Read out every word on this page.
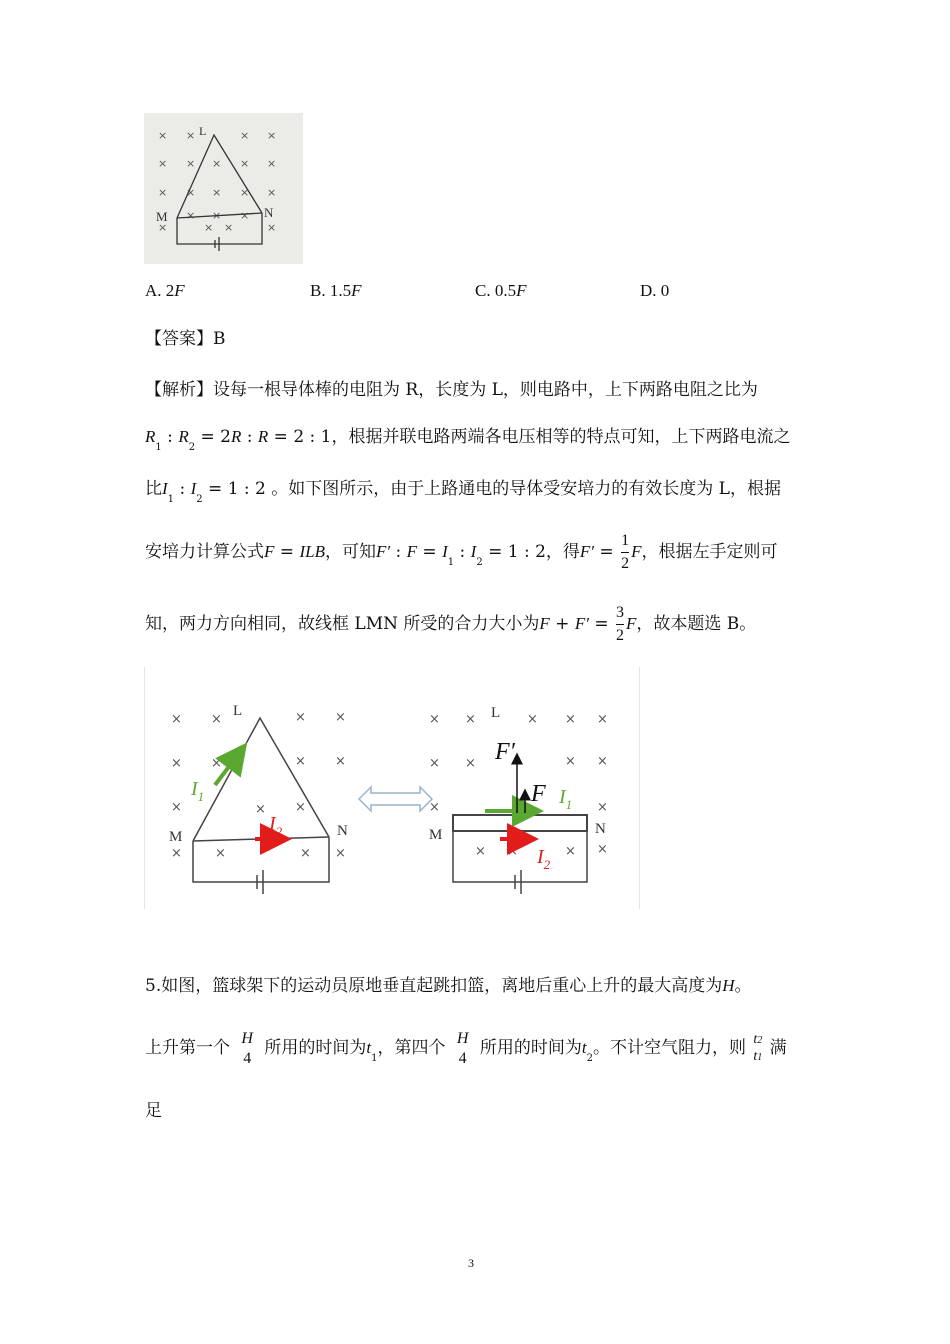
× ×	× ×
× × × × ×
× × × × ×
×	×
×	× ×	×
L
M	N
A. 2F	B. 1.5F	C. 0.5F	D. 0
【答案】B
【解析】设每一根导体棒的电阻为 R，长度为 L，则电路中，上下两路电阻之比为
$R_1$ : $R_2 = 2R$ : R = 2 : 1，根据并联电路两端各电压相等的特点可知，上下两路电流之
比$I_1$ : $I_2 = 1$ : 2 。如下图所示，由于上路通电的导体受安培力的有效长度为 L，根据
安培力计算公式F = ILB，可知F′ : $F = I_1$ : $I_2 = 1$ : 2，得$F' = \frac{1}{2}$ F，根据左手定则可
知，两力方向相同，故线框 LMN 所受的合力大小为$F + F' = \frac{3}{2}$ F，故本题选 B。
× ×	× ×
× ×	× ×
×	×
×
×	×	× ×
$I_1$
$I_2$
L
M	N
× ×	× × ×
× ×	× ×
×	×
× ×	× ×
F′
F $I_1$
$I_2$
L
M	N
5.如图，篮球架下的运动员原地垂直起跳扣篮，离地后重心上升的最大高度为H。
上升第一个 H
4 所用的时间为$t_1$，第四个 H
4 所用的时间为$t_2$。不计空气阻力，则 t2
t1 满
足
3
